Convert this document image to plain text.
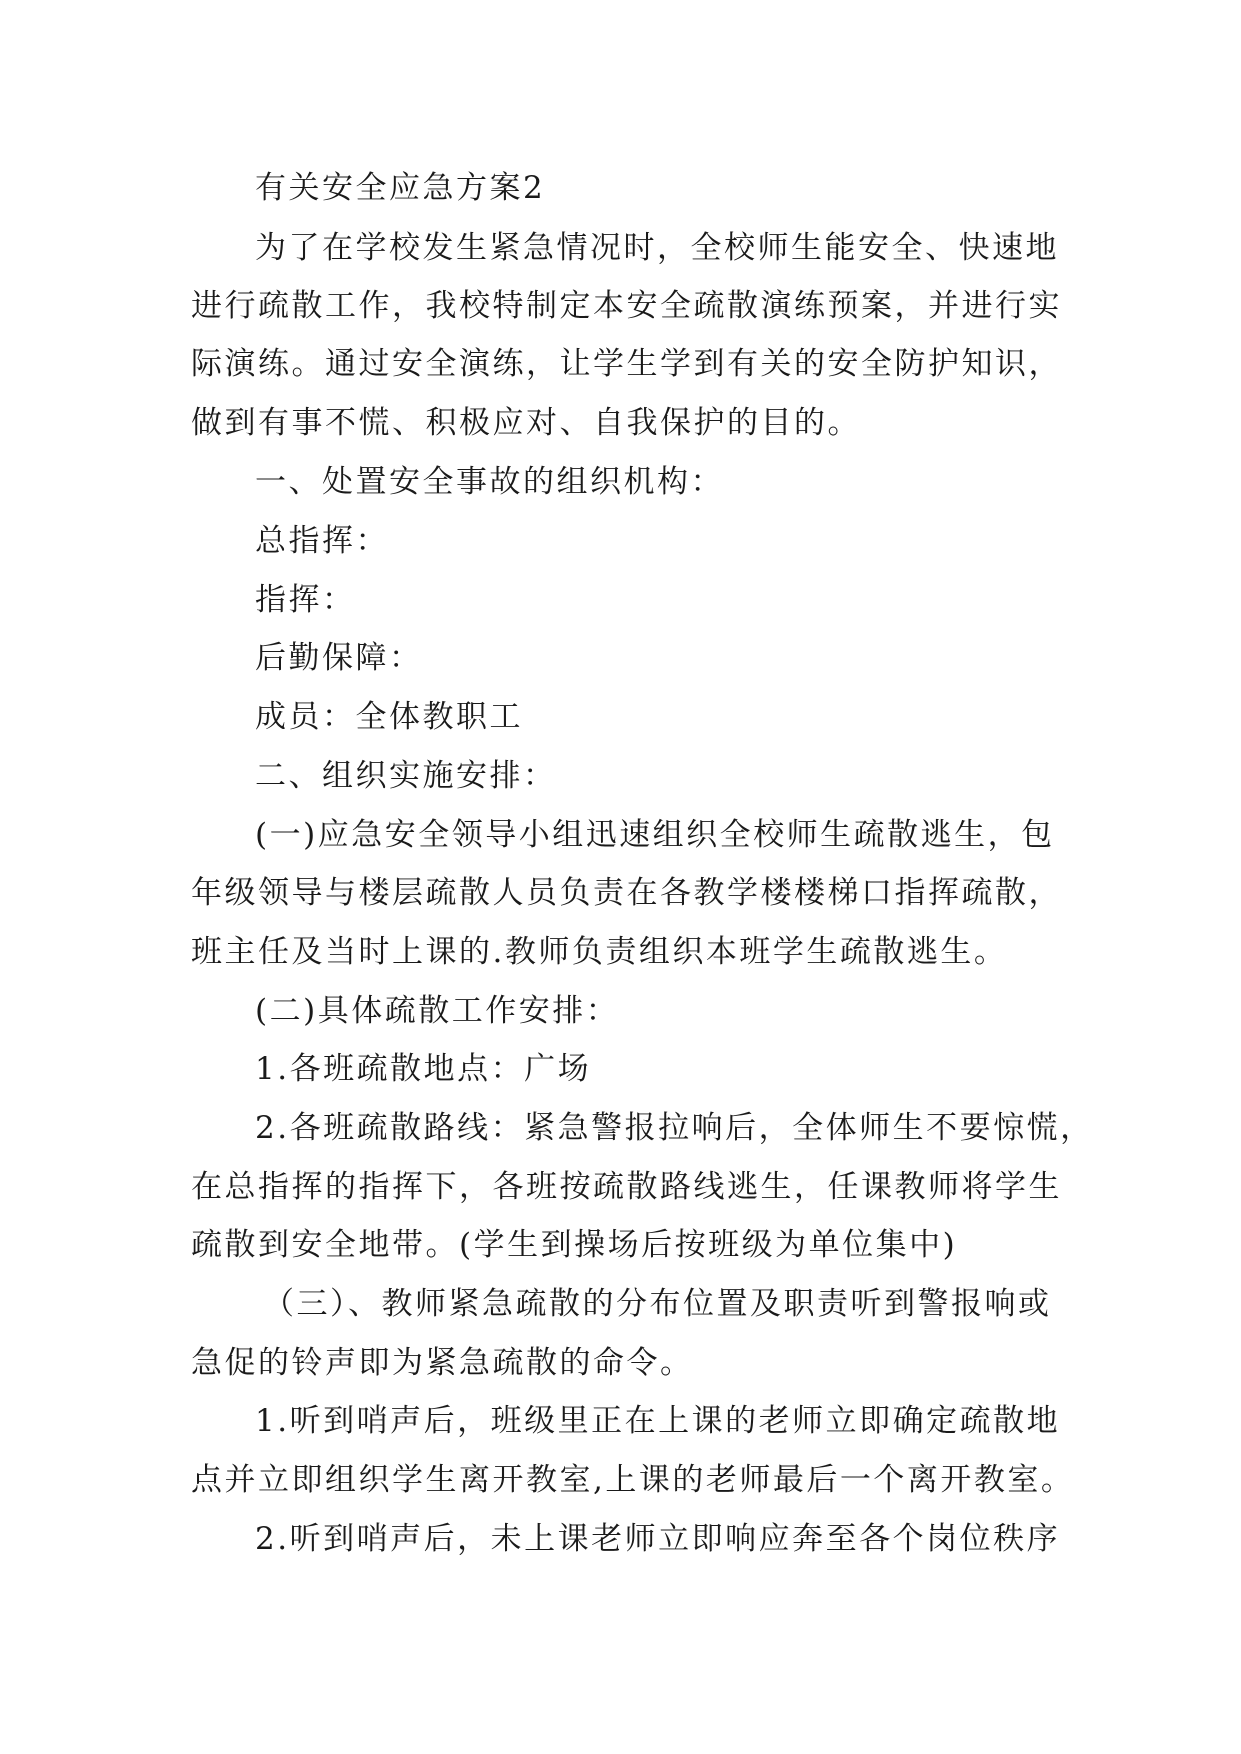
有关安全应急方案2
为了在学校发生紧急情况时，全校师生能安全、快速地
进行疏散工作，我校特制定本安全疏散演练预案，并进行实
际演练。通过安全演练，让学生学到有关的安全防护知识，
做到有事不慌、积极应对、自我保护的目的。
一、处置安全事故的组织机构：
总指挥：
指挥：
后勤保障：
成员：全体教职工
二、组织实施安排：
(一)应急安全领导小组迅速组织全校师生疏散逃生，包
年级领导与楼层疏散人员负责在各教学楼楼梯口指挥疏散，
班主任及当时上课的.教师负责组织本班学生疏散逃生。
(二)具体疏散工作安排：
1.各班疏散地点：广场
2.各班疏散路线：紧急警报拉响后，全体师生不要惊慌，
在总指挥的指挥下，各班按疏散路线逃生，任课教师将学生
疏散到安全地带。(学生到操场后按班级为单位集中)
（三）、教师紧急疏散的分布位置及职责听到警报响或
急促的铃声即为紧急疏散的命令。
1.听到哨声后，班级里正在上课的老师立即确定疏散地
点并立即组织学生离开教室,上课的老师最后一个离开教室。
2.听到哨声后，未上课老师立即响应奔至各个岗位秩序
